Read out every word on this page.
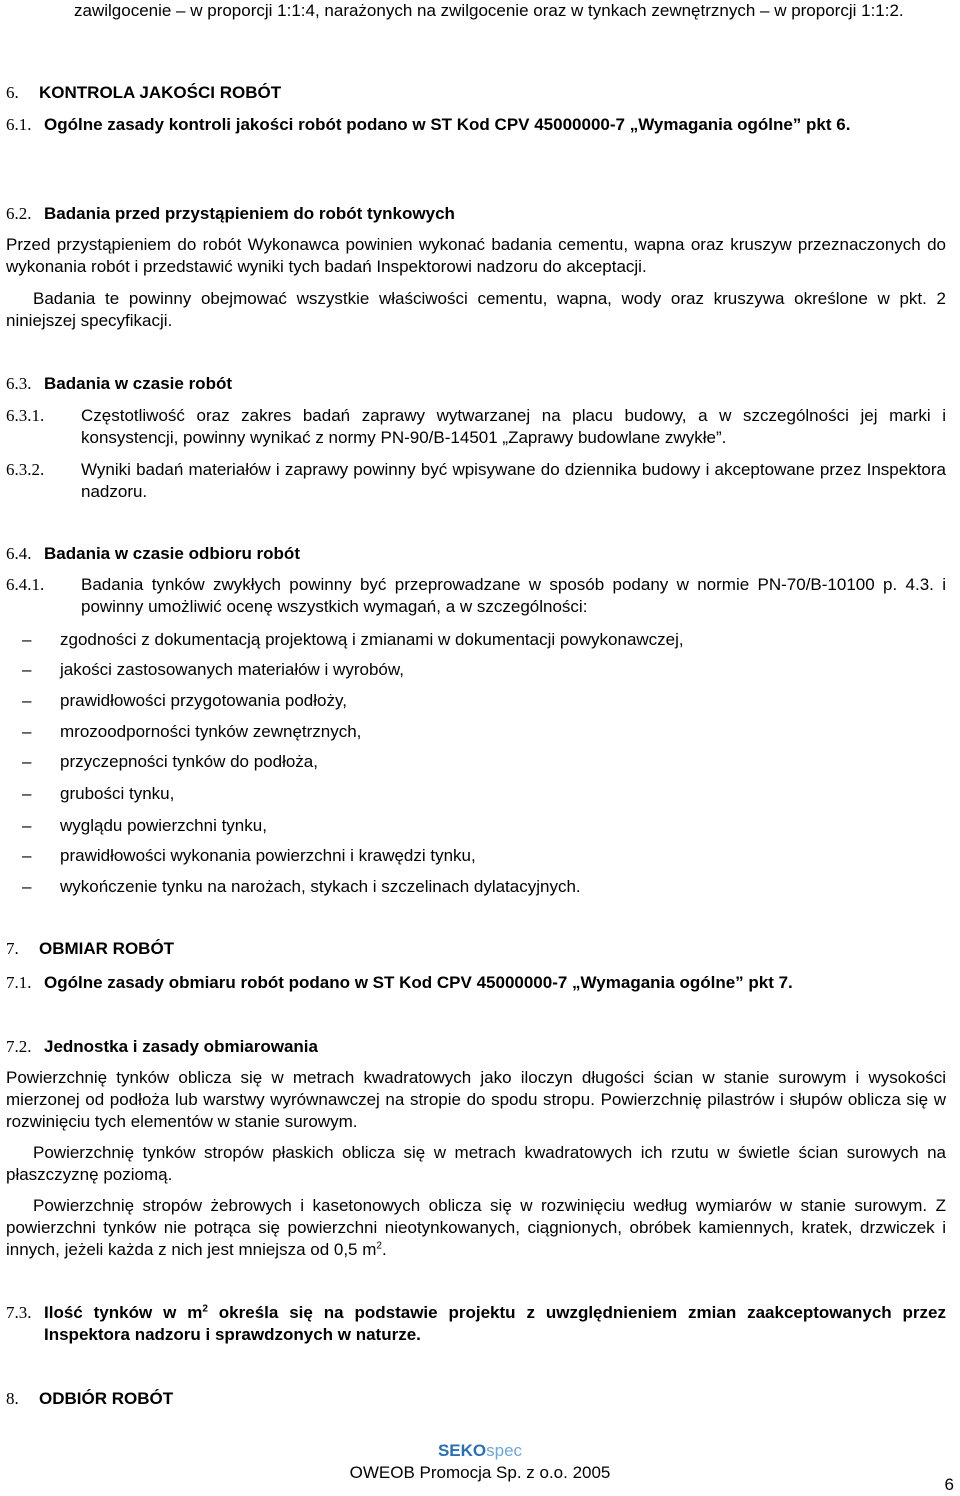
zawilgocenie – w proporcji 1:1:4, narażonych na zwilgocenie oraz w tynkach zewnętrznych – w proporcji 1:1:2.

6. KONTROLA JAKOŚCI ROBÓT
6.1. Ogólne zasady kontroli jakości robót podano w ST Kod CPV 45000000-7 „Wymagania ogólne” pkt 6.
6.2. Badania przed przystąpieniem do robót tynkowych

Przed przystąpieniem do robót Wykonawca powinien wykonać badania cementu, wapna oraz kruszyw przeznaczonych do wykonania robót i przedstawić wyniki tych badań Inspektorowi nadzoru do akceptacji.

Badania te powinny obejmować wszystkie właściwości cementu, wapna, wody oraz kruszywa określone w pkt. 2 niniejszej specyfikacji.

6.3. Badania w czasie robót
6.3.1. Częstotliwość oraz zakres badań zaprawy wytwarzanej na placu budowy, a w szczególności jej marki i konsystencji, powinny wynikać z normy PN-90/B-14501 „Zaprawy budowlane zwykłe”.
6.3.2. Wyniki badań materiałów i zaprawy powinny być wpisywane do dziennika budowy i akceptowane przez Inspektora nadzoru.
6.4. Badania w czasie odbioru robót
6.4.1. Badania tynków zwykłych powinny być przeprowadzane w sposób podany w normie PN-70/B-10100 p. 4.3. i powinny umożliwić ocenę wszystkich wymagań, a w szczególności:
– zgodności z dokumentacją projektową i zmianami w dokumentacji powykonawczej,
– jakości zastosowanych materiałów i wyrobów,
– prawidłowości przygotowania podłoży,
– mrozoodporności tynków zewnętrznych,
– przyczepności tynków do podłoża,
– grubości tynku,
– wyglądu powierzchni tynku,
– prawidłowości wykonania powierzchni i krawędzi tynku,
– wykończenie tynku na narożach, stykach i szczelinach dylatacyjnych.
7. OBMIAR ROBÓT
7.1. Ogólne zasady obmiaru robót podano w ST Kod CPV 45000000-7 „Wymagania ogólne” pkt 7.
7.2. Jednostka i zasady obmiarowania

Powierzchnię tynków oblicza się w metrach kwadratowych jako iloczyn długości ścian w stanie surowym i wysokości mierzonej od podłoża lub warstwy wyrównawczej na stropie do spodu stropu. Powierzchnię pilastrów i słupów oblicza się w rozwinięciu tych elementów w stanie surowym.

Powierzchnię tynków stropów płaskich oblicza się w metrach kwadratowych ich rzutu w świetle ścian surowych na płaszczyznę poziomą.

Powierzchnię stropów żebrowych i kasetonowych oblicza się w rozwinięciu według wymiarów w stanie surowym. Z powierzchni tynków nie potrąca się powierzchni nieotynkowanych, ciągnionych, obróbek kamiennych, kratek, drzwiczek i innych, jeżeli każda z nich jest mniejsza od 0,5 $m^2$.

7.3. Ilość tynków w $m^2$ określa się na podstawie projektu z uwzględnieniem zmian zaakceptowanych przez Inspektora nadzoru i sprawdzonych w naturze.
8. ODBIÓR ROBÓT
SEKOspec
OWEOB Promocja Sp. z o.o. 2005
6
